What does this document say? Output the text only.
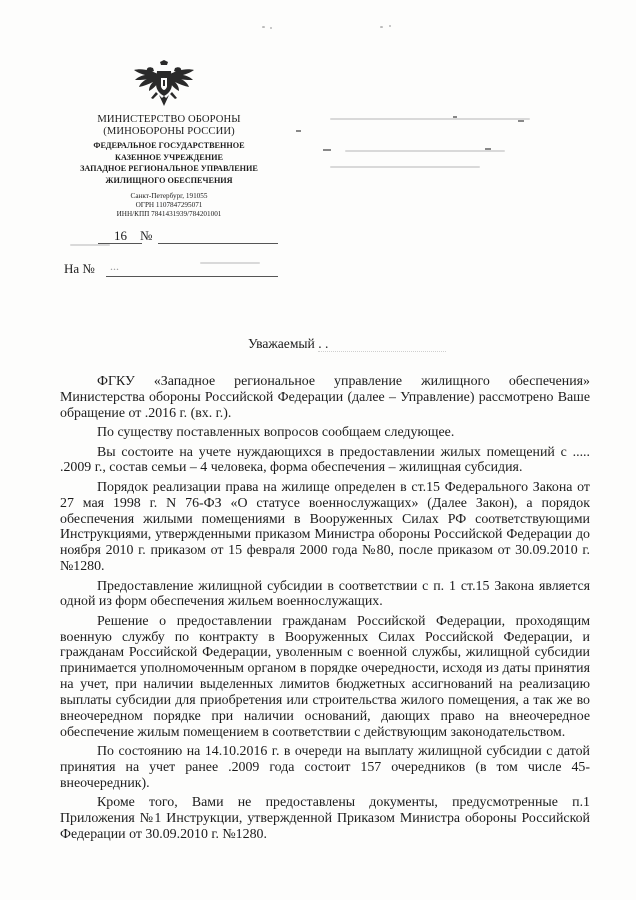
МИНИСТЕРСТВО ОБОРОНЫ
(МИНОБОРОНЫ РОССИИ)
ФЕДЕРАЛЬНОЕ ГОСУДАРСТВЕННОЕ
КАЗЕННОЕ УЧРЕЖДЕНИЕ
ЗАПАДНОЕ РЕГИОНАЛЬНОЕ УПРАВЛЕНИЕ
ЖИЛИЩНОГО ОБЕСПЕЧЕНИЯ
Санкт-Петербург, 191055
ОГРН 1107847295071
ИНН/КПП 7841431939/784201001
16 №
На № ...
Уважаемый . .

ФГКУ «Западное региональное управление жилищного обеспечения» Министерства обороны Российской Федерации (далее – Управление) рассмотрено Ваше обращение от .2016 г. (вх. г.).

По существу поставленных вопросов сообщаем следующее.

Вы состоите на учете нуждающихся в предоставлении жилых помещений с ..... .2009 г., состав семьи – 4 человека, форма обеспечения – жилищная субсидия.

Порядок реализации права на жилище определен в ст.15 Федерального Закона от 27 мая 1998 г. N 76-ФЗ «О статусе военнослужащих» (Далее Закон), а порядок обеспечения жилыми помещениями в Вооруженных Силах РФ соответствующими Инструкциями, утвержденными приказом Министра обороны Российской Федерации до ноября 2010 г. приказом от 15 февраля 2000 года №80, после приказом от 30.09.2010 г. №1280.

Предоставление жилищной субсидии в соответствии с п. 1 ст.15 Закона является одной из форм обеспечения жильем военнослужащих.

Решение о предоставлении гражданам Российской Федерации, проходящим военную службу по контракту в Вооруженных Силах Российской Федерации, и гражданам Российской Федерации, уволенным с военной службы, жилищной субсидии принимается уполномоченным органом в порядке очередности, исходя из даты принятия на учет, при наличии выделенных лимитов бюджетных ассигнований на реализацию выплаты субсидии для приобретения или строительства жилого помещения, а так же во внеочередном порядке при наличии оснований, дающих право на внеочередное обеспечение жилым помещением в соответствии с действующим законодательством.

По состоянию на 14.10.2016 г. в очереди на выплату жилищной субсидии с датой принятия на учет ранее .2009 года состоит 157 очередников (в том числе 45-внеочередник).

Кроме того, Вами не предоставлены документы, предусмотренные п.1 Приложения №1 Инструкции, утвержденной Приказом Министра обороны Российской Федерации от 30.09.2010 г. №1280.
